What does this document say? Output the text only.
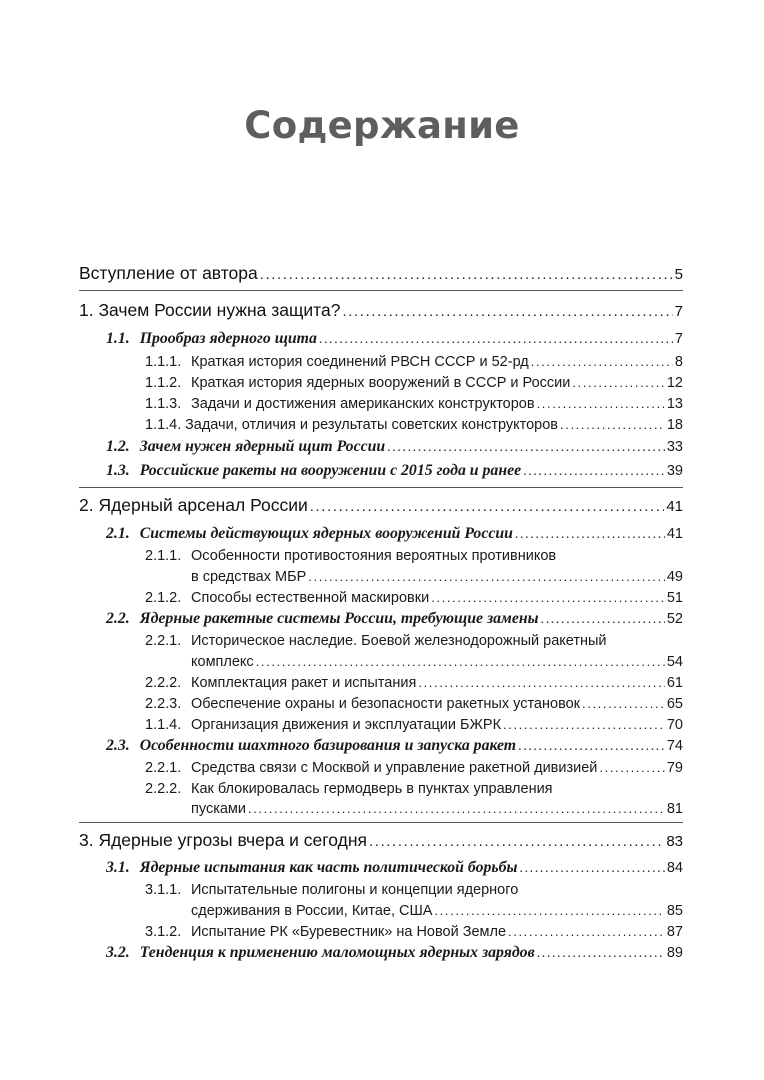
Содержание
Вступление от автора .....	5
1. Зачем России нужна защита? .....	7
1.1. Прообраз ядерного щита .....	7
1.1.1. Краткая история соединений РВСН СССР и 52-рд .....	8
1.1.2. Краткая история ядерных вооружений в СССР и России .....	12
1.1.3. Задачи и достижения американских конструкторов .....	13
1.1.4. Задачи, отличия и результаты советских конструкторов .....	18
1.2. Зачем нужен ядерный щит России .....	33
1.3. Российские ракеты на вооружении с 2015 года и ранее .....	39
2. Ядерный арсенал России .....	41
2.1. Системы действующих ядерных вооружений России .....	41
2.1.1. Особенности противостояния вероятных противников
в средствах МБР .....	49
2.1.2. Способы естественной маскировки .....	51
2.2. Ядерные ракетные системы России, требующие замены .....	52
2.2.1. Историческое наследие. Боевой железнодорожный ракетный
комплекс .....	54
2.2.2. Комплектация ракет и испытания .....	61
2.2.3. Обеспечение охраны и безопасности ракетных установок .....	65
1.1.4. Организация движения и эксплуатации БЖРК .....	70
2.3. Особенности шахтного базирования и запуска ракет .....	74
2.2.1. Средства связи с Москвой и управление ракетной дивизией .....	79
2.2.2. Как блокировалась гермодверь в пунктах управления
пусками .....	81
3. Ядерные угрозы вчера и сегодня .....	83
3.1. Ядерные испытания как часть политической борьбы .....	84
3.1.1. Испытательные полигоны и концепции ядерного
сдерживания в России, Китае, США .....	85
3.1.2. Испытание РК «Буревестник» на Новой Земле .....	87
3.2. Тенденция к применению маломощных ядерных зарядов .....	89
